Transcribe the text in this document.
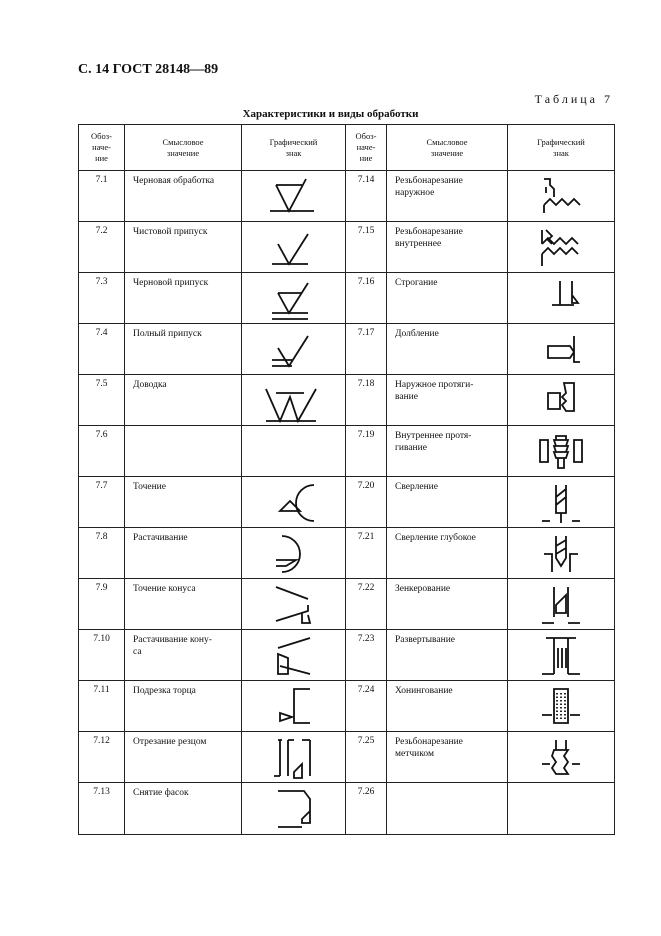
С. 14 ГОСТ 28148—89
Таблица 7
Характеристики и виды обработки
Обоз-
наче-
ние	Смысловое
значение	Графический
знак	Обоз-
наче-
ние	Смысловое
значение	Графический
знак
7.1	Черновая обработка		7.14	Резьбонарезание
наружное	

7.2	Чистовой припуск		7.15	Резьбонарезание
внутреннее	

7.3	Черновой припуск		7.16	Строгание	

7.4	Полный припуск		7.17	Долбление	

7.5	Доводка		7.18	Наружное протяги-
вание	

7.6			7.19	Внутреннее протя-
гивание	

7.7	Точение		7.20	Сверление	

7.8	Растачивание		7.21	Сверление глубокое	

7.9	Точение конуса		7.22	Зенкерование	

7.10	Растачивание кону-
са		7.23	Развертывание	

7.11	Подрезка торца		7.24	Хонингование	

7.12	Отрезание резцом		7.25	Резьбонарезание
метчиком	

7.13	Снятие фасок		7.26		
